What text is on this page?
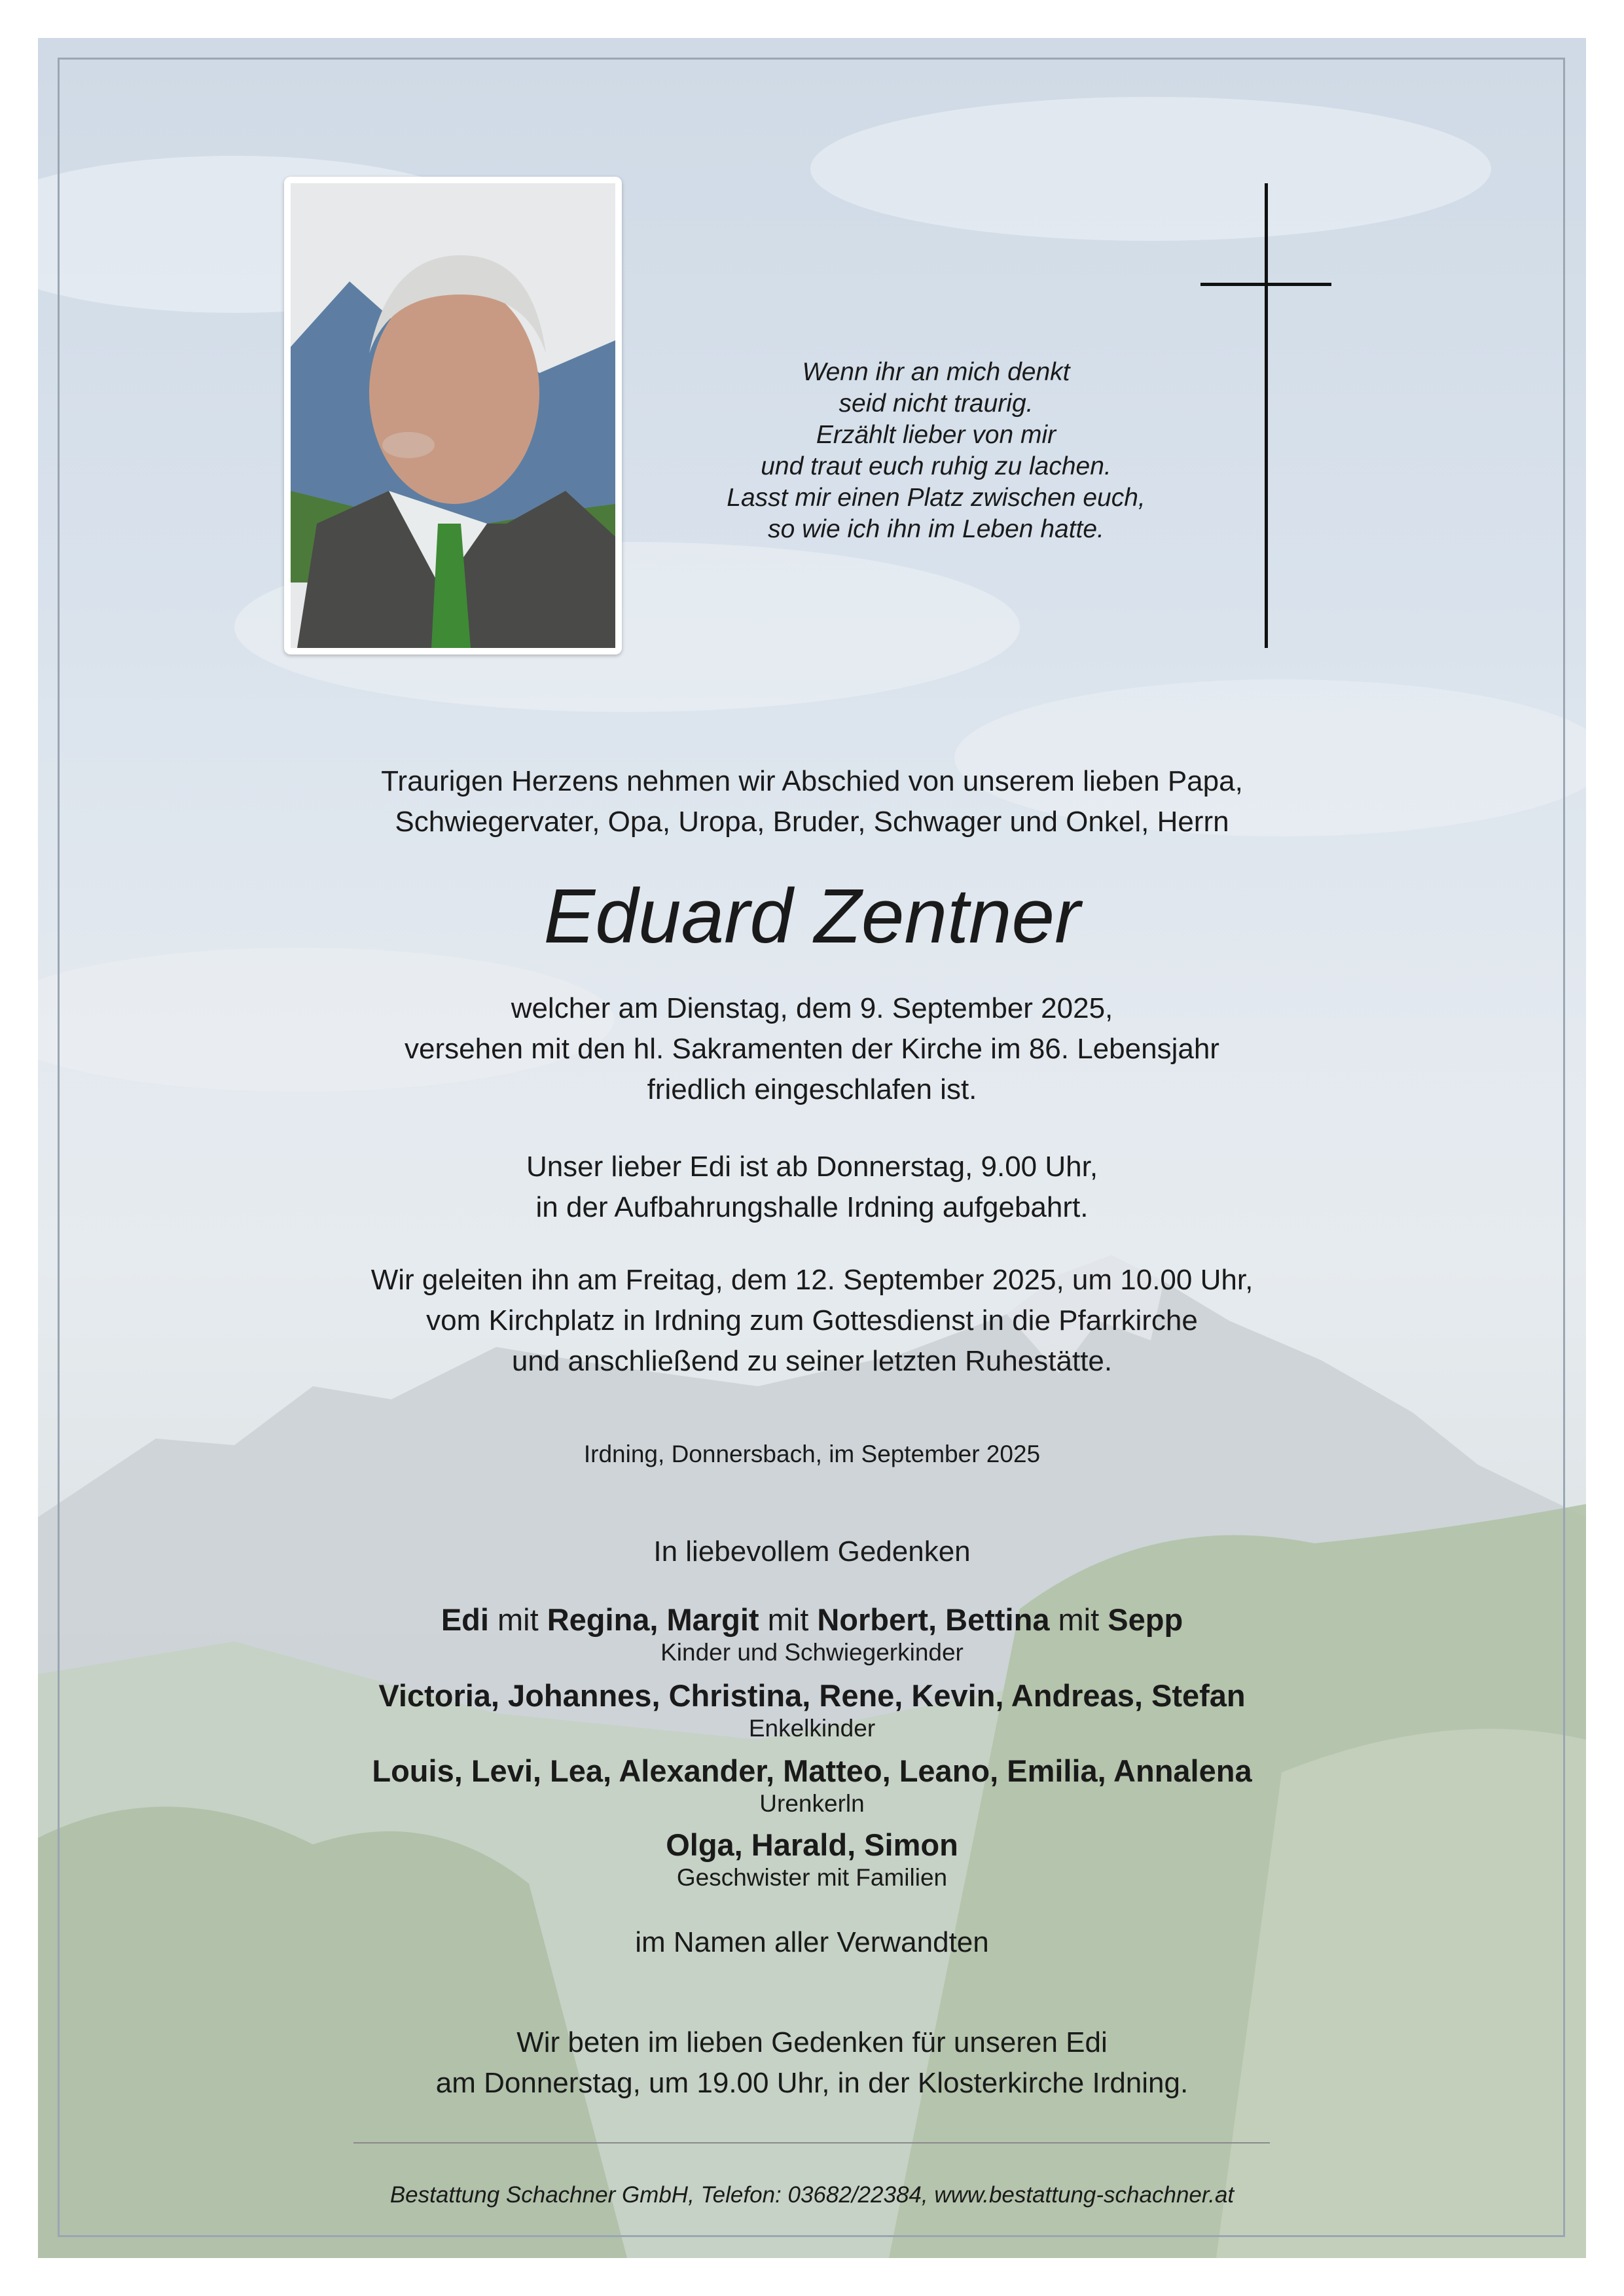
Wenn ihr an mich denkt
seid nicht traurig.
Erzählt lieber von mir
und traut euch ruhig zu lachen.
Lasst mir einen Platz zwischen euch,
so wie ich ihn im Leben hatte.
Traurigen Herzens nehmen wir Abschied von unserem lieben Papa,
Schwiegervater, Opa, Uropa, Bruder, Schwager und Onkel, Herrn
Eduard Zentner
welcher am Dienstag, dem 9. September 2025,
versehen mit den hl. Sakramenten der Kirche im 86. Lebensjahr
friedlich eingeschlafen ist.
Unser lieber Edi ist ab Donnerstag, 9.00 Uhr,
in der Aufbahrungshalle Irdning aufgebahrt.
Wir geleiten ihn am Freitag, dem 12. September 2025, um 10.00 Uhr,
vom Kirchplatz in Irdning zum Gottesdienst in die Pfarrkirche
und anschließend zu seiner letzten Ruhestätte.
Irdning, Donnersbach, im September 2025
In liebevollem Gedenken
Edi mit Regina, Margit mit Norbert, Bettina mit Sepp
Kinder und Schwiegerkinder
Victoria, Johannes, Christina, Rene, Kevin, Andreas, Stefan
Enkelkinder
Louis, Levi, Lea, Alexander, Matteo, Leano, Emilia, Annalena
Urenkerln
Olga, Harald, Simon
Geschwister mit Familien
im Namen aller Verwandten
Wir beten im lieben Gedenken für unseren Edi
am Donnerstag, um 19.00 Uhr, in der Klosterkirche Irdning.
Bestattung Schachner GmbH, Telefon: 03682/22384, www.bestattung-schachner.at
